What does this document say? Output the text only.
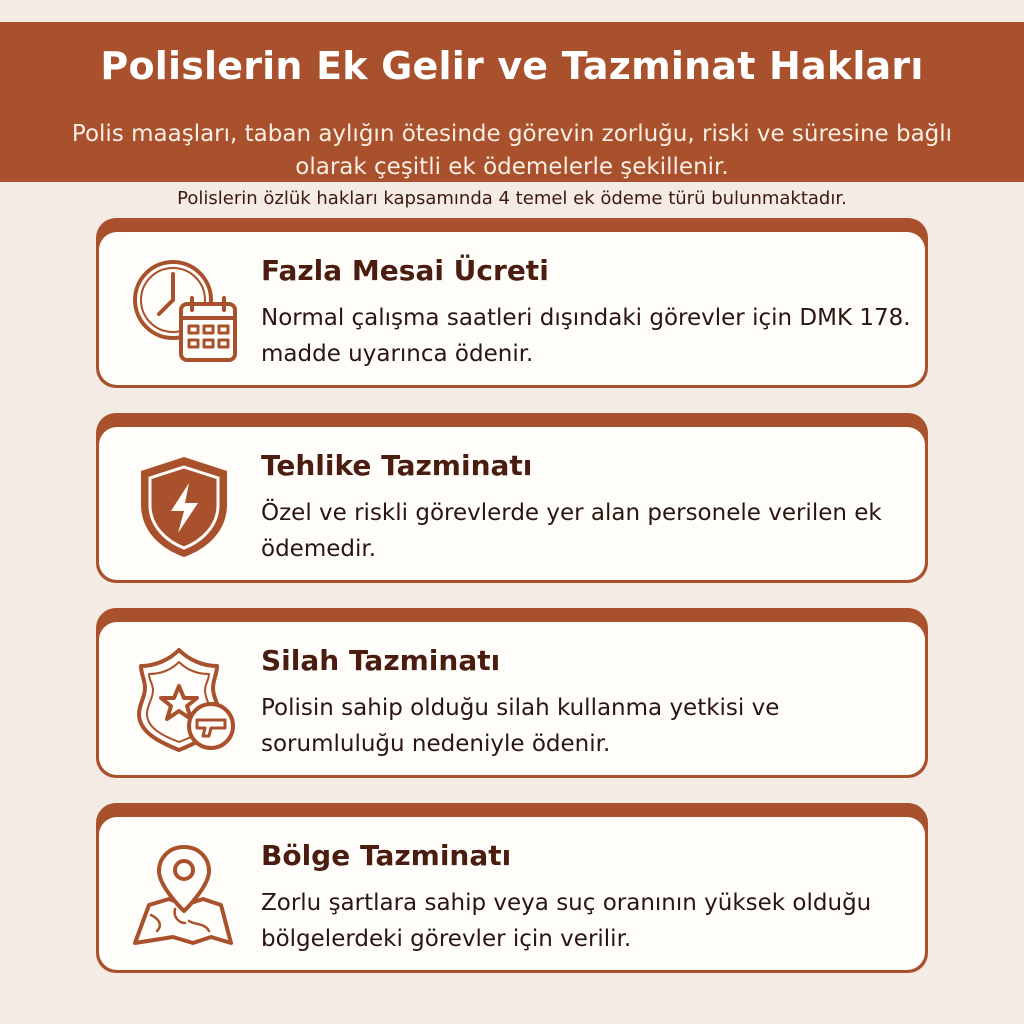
Polislerin Ek Gelir ve Tazminat Hakları

Polis maaşları, taban aylığın ötesinde görevin zorluğu, riski ve süresine bağlı olarak çeşitli ek ödemelerle şekillenir.

Polislerin özlük hakları kapsamında 4 temel ek ödeme türü bulunmaktadır.
Fazla Mesai Ücreti

Normal çalışma saatleri dışındaki görevler için DMK 178. madde uyarınca ödenir.

Tehlike Tazminatı

Özel ve riskli görevlerde yer alan personele verilen ek ödemedir.

Silah Tazminatı

Polisin sahip olduğu silah kullanma yetkisi ve sorumluluğu nedeniyle ödenir.

Bölge Tazminatı

Zorlu şartlara sahip veya suç oranının yüksek olduğu bölgelerdeki görevler için verilir.
